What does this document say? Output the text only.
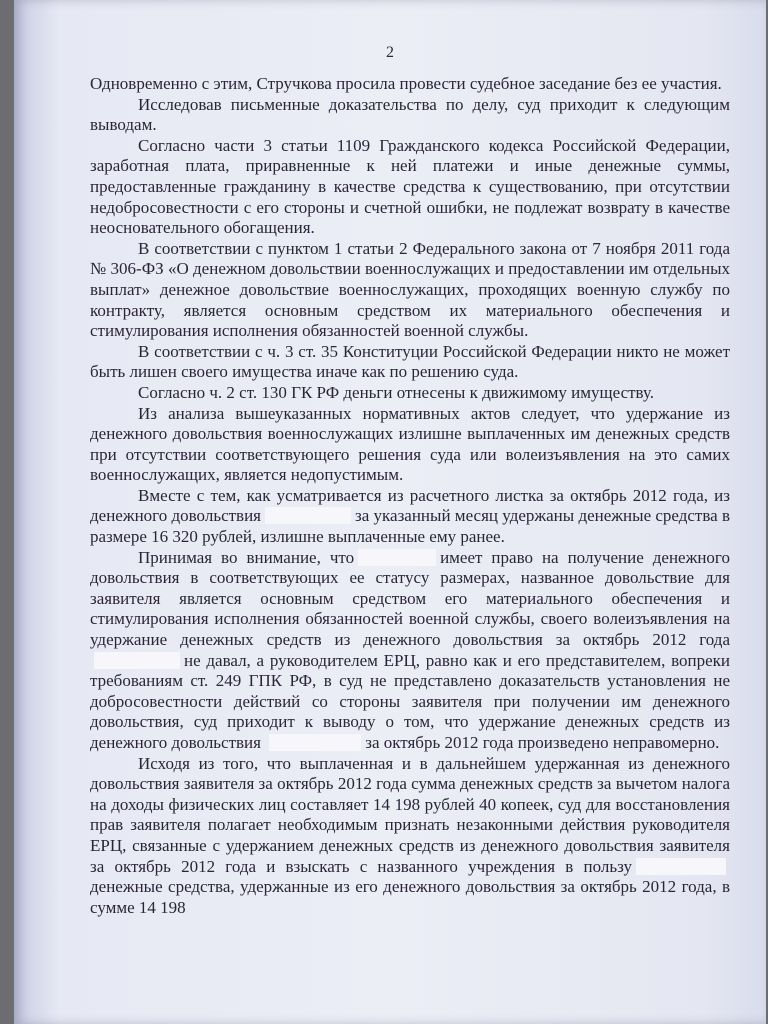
2

Одновременно с этим, Стручкова просила провести судебное заседание без ее участия.

Исследовав письменные доказательства по делу, суд приходит к следующим выводам.

Согласно части 3 статьи 1109 Гражданского кодекса Российской Федерации, заработная плата, приравненные к ней платежи и иные денежные суммы, предоставленные гражданину в качестве средства к существованию, при отсутствии недобросовестности с его стороны и счетной ошибки, не подлежат возврату в качестве неосновательного обогащения.

В соответствии с пунктом 1 статьи 2 Федерального закона от 7 ноября 2011 года № 306-ФЗ «О денежном довольствии военнослужащих и предоставлении им отдельных выплат» денежное довольствие военнослужащих, проходящих военную службу по контракту, является основным средством их материального обеспечения и стимулирования исполнения обязанностей военной службы.

В соответствии с ч. 3 ст. 35 Конституции Российской Федерации никто не может быть лишен своего имущества иначе как по решению суда.

Согласно ч. 2 ст. 130 ГК РФ деньги отнесены к движимому имуществу.

Из анализа вышеуказанных нормативных актов следует, что удержание из денежного довольствия военнослужащих излишне выплаченных им денежных средств при отсутствии соответствующего решения суда или волеизъявления на это самих военнослужащих, является недопустимым.

Вместе с тем, как усматривается из расчетного листка за октябрь 2012 года, из денежного довольствия	за указанный месяц удержаны денежные средства в размере 16 320 рублей, излишне выплаченные ему ранее.

Принимая во внимание, что	имеет право на получение денежного довольствия в соответствующих ее статусу размерах, названное довольствие для заявителя является основным средством его материального обеспечения и стимулирования исполнения обязанностей военной службы, своего волеизъявления на удержание денежных средств из денежного довольствия за октябрь 2012 годане давал, а руководителем ЕРЦ, равно как и его представителем, вопреки требованиям ст. 249 ГПК РФ, в суд не представлено доказательств установления не добросовестности действий со стороны заявителя при получении им денежного довольствия, суд приходит к выводу о том, что удержание денежных средств из денежного довольствия	за октябрь 2012 года произведено неправомерно.

Исходя из того, что выплаченная и в дальнейшем удержанная из денежного довольствия заявителя за октябрь 2012 года сумма денежных средств за вычетом налога на доходы физических лиц составляет 14 198 рублей 40 копеек, суд для восстановления прав заявителя полагает необходимым признать незаконными действия руководителя ЕРЦ, связанные с удержанием денежных средств из денежного довольствия заявителя за октябрь 2012 года и взыскать с названного учреждения в пользуденежные средства, удержанные из его денежного довольствия за октябрь 2012 года, в сумме 14 198
